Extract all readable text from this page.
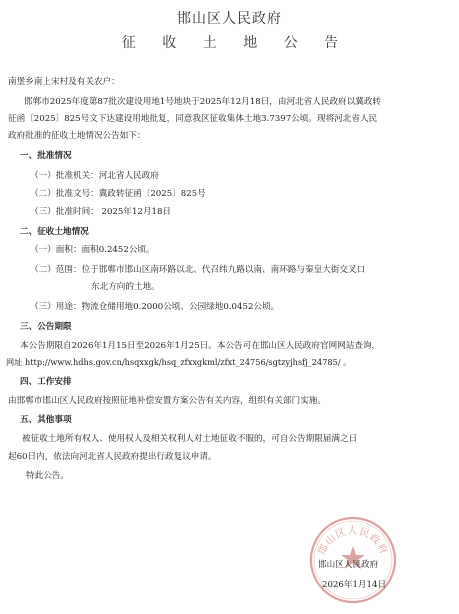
邯山区人民政府
征 收 土 地 公 告
南堡乡南上宋村及有关农户：
邯郸市2025年度第87批次建设用地1号地块于2025年12月18日，由河北省人民政府以冀政转
征函〔2025〕825号文下达建设用地批复，同意我区征收集体土地3.7397公顷。现将河北省人民
政府批准的征收土地情况公告如下：
一、批准情况
（一）批准机关：河北省人民政府
（二）批准文号：冀政转征函〔2025〕825号
（三）批准时间： 2025年12月18日
二、征收土地情况
（一）面积：面积0.2452公顷。
（二）范围：位于邯郸市邯山区南环路以北、代召纬九路以南、南环路与秦皇大街交叉口
东北方向的土地。
（三）用途：物流仓储用地0.2000公顷、公园绿地0.0452公顷。
三、公告期限
本公告期限自2026年1月15日至2026年1月25日。本公告可在邯山区人民政府官网网站查询，
网址 http://www.hdhs.gov.cn/hsqxxgk/hsq_zfxxgkml/zfxt_24756/sgtzyjhsfj_24785/ 。
四、工作安排
由邯郸市邯山区人民政府按照征地补偿安置方案公告有关内容，组织有关部门实施。
五、其他事项
被征收土地所有权人、使用权人及相关权利人对土地征收不服的，可自公告期限届满之日
起60日内，依法向河北省人民政府提出行政复议申请。
特此公告。
邯山区人民政府
邯山区人民政府
2026年1月14日
